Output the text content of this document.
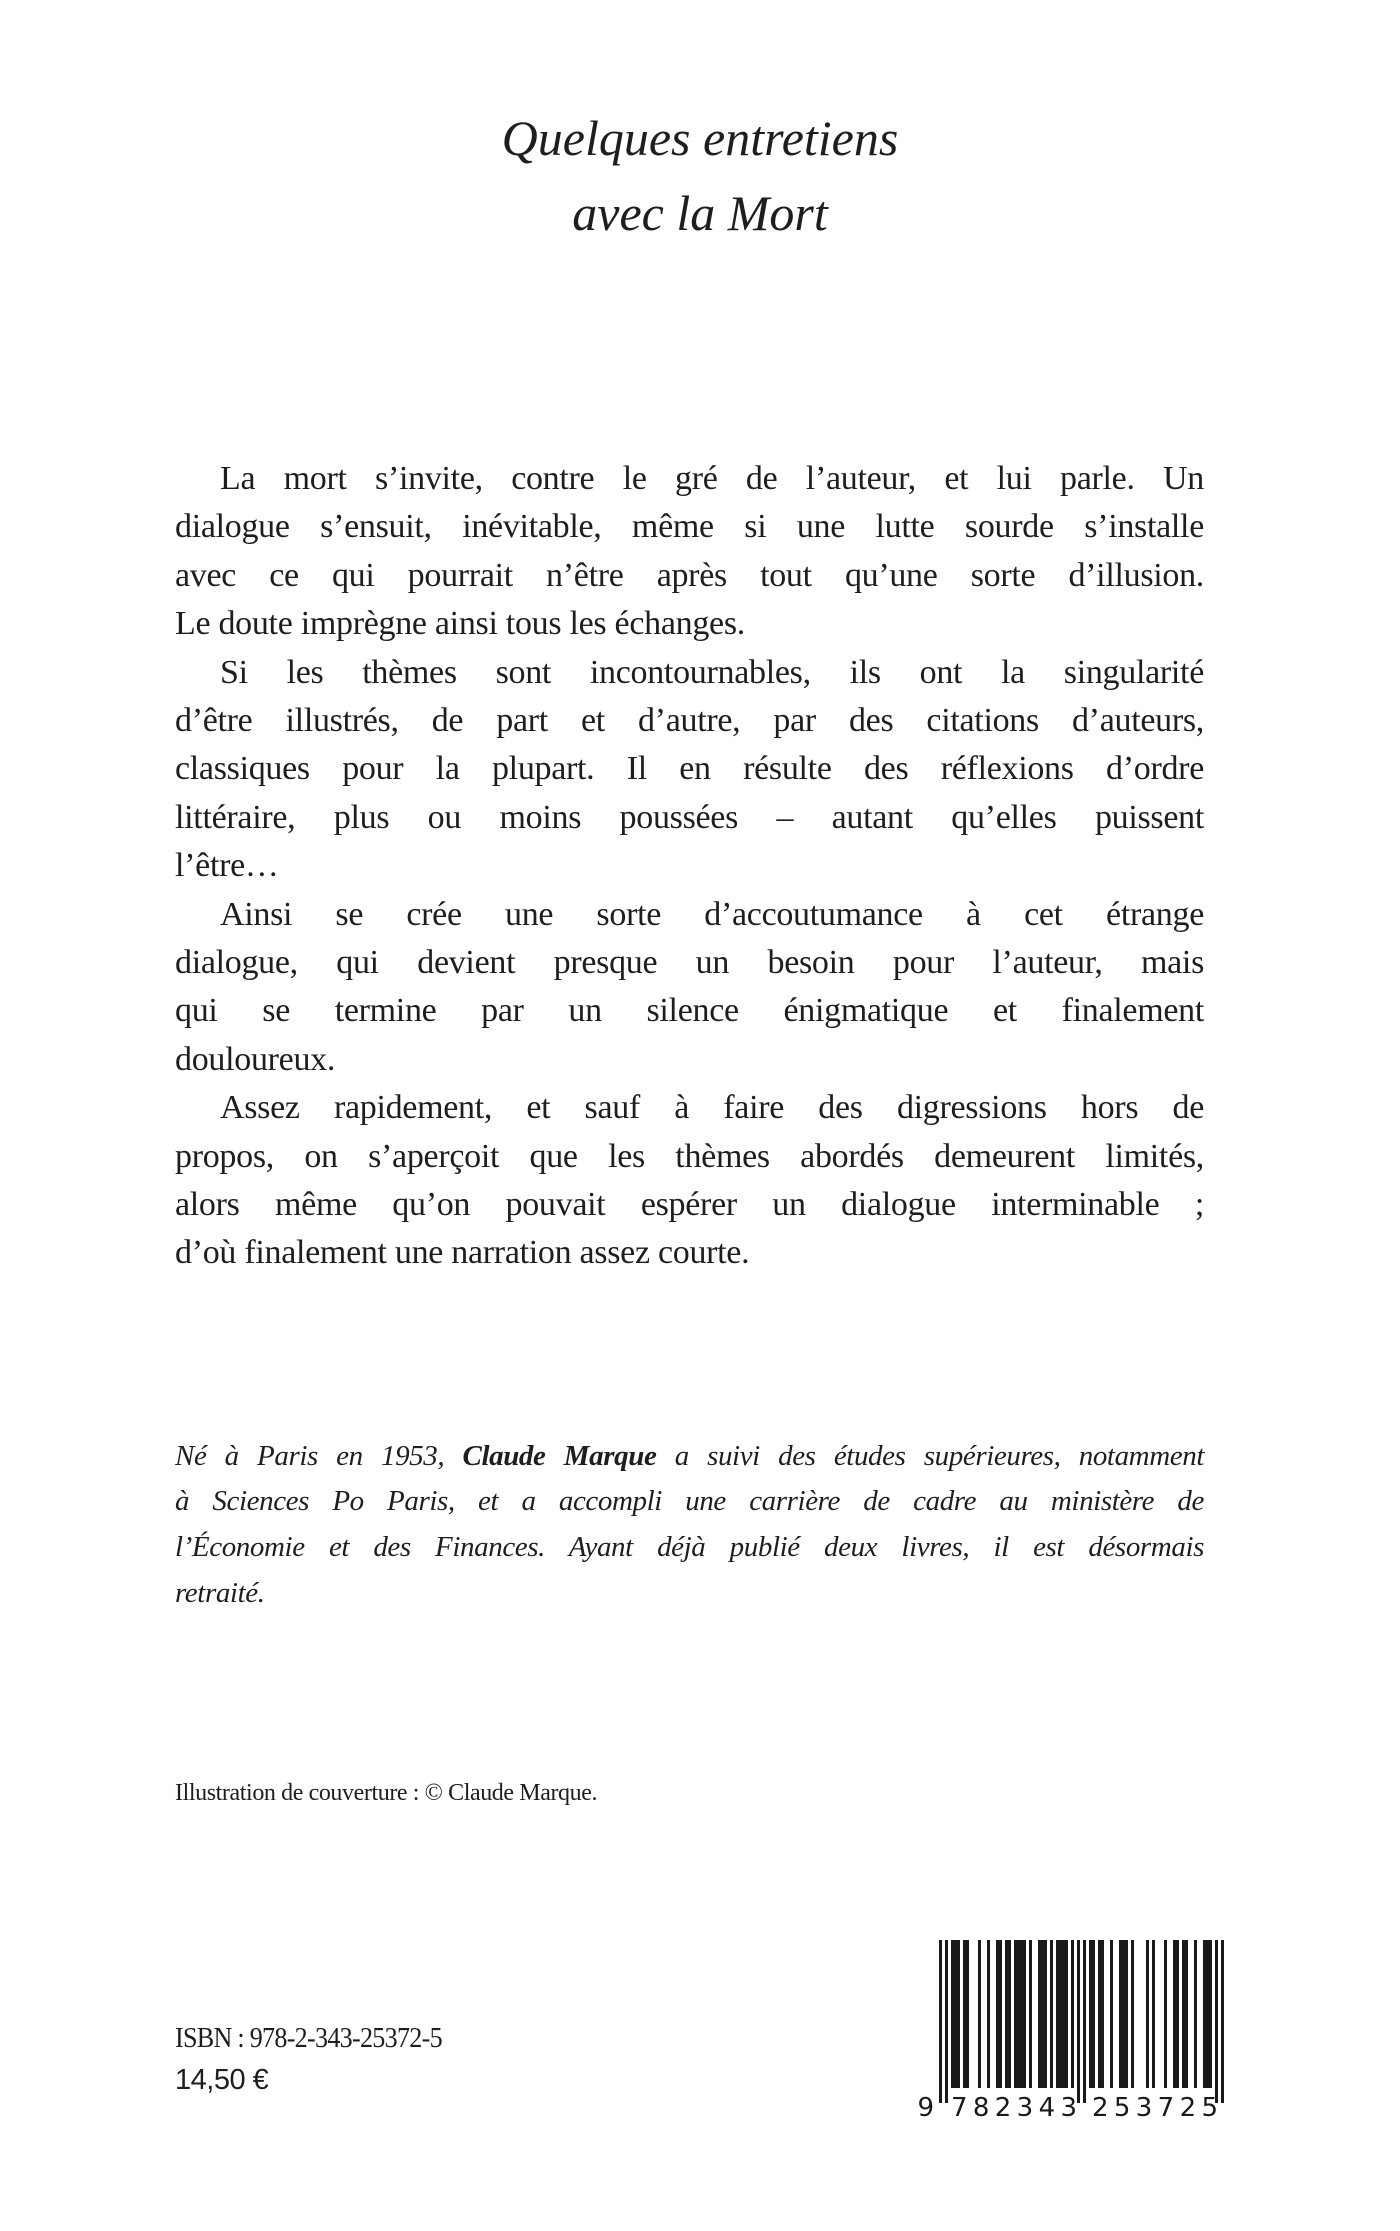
Quelques entretiens
avec la Mort
La mort s’invite, contre le gré de l’auteur, et lui parle. Un
dialogue s’ensuit, inévitable, même si une lutte sourde s’installe
avec ce qui pourrait n’être après tout qu’une sorte d’illusion.
Le doute imprègne ainsi tous les échanges.
Si les thèmes sont incontournables, ils ont la singularité
d’être illustrés, de part et d’autre, par des citations d’auteurs,
classiques pour la plupart. Il en résulte des réflexions d’ordre
littéraire, plus ou moins poussées – autant qu’elles puissent
l’être…
Ainsi se crée une sorte d’accoutumance à cet étrange
dialogue, qui devient presque un besoin pour l’auteur, mais
qui se termine par un silence énigmatique et finalement
douloureux.
Assez rapidement, et sauf à faire des digressions hors de
propos, on s’aperçoit que les thèmes abordés demeurent limités,
alors même qu’on pouvait espérer un dialogue interminable ;
d’où finalement une narration assez courte.
Né à Paris en 1953, Claude Marque a suivi des études supérieures, notamment
à Sciences Po Paris, et a accompli une carrière de cadre au ministère de
l’Économie et des Finances. Ayant déjà publié deux livres, il est désormais
retraité.
Illustration de couverture : © Claude Marque.
ISBN : 978-2-343-25372-5
14,50 €
9 782343 253725
